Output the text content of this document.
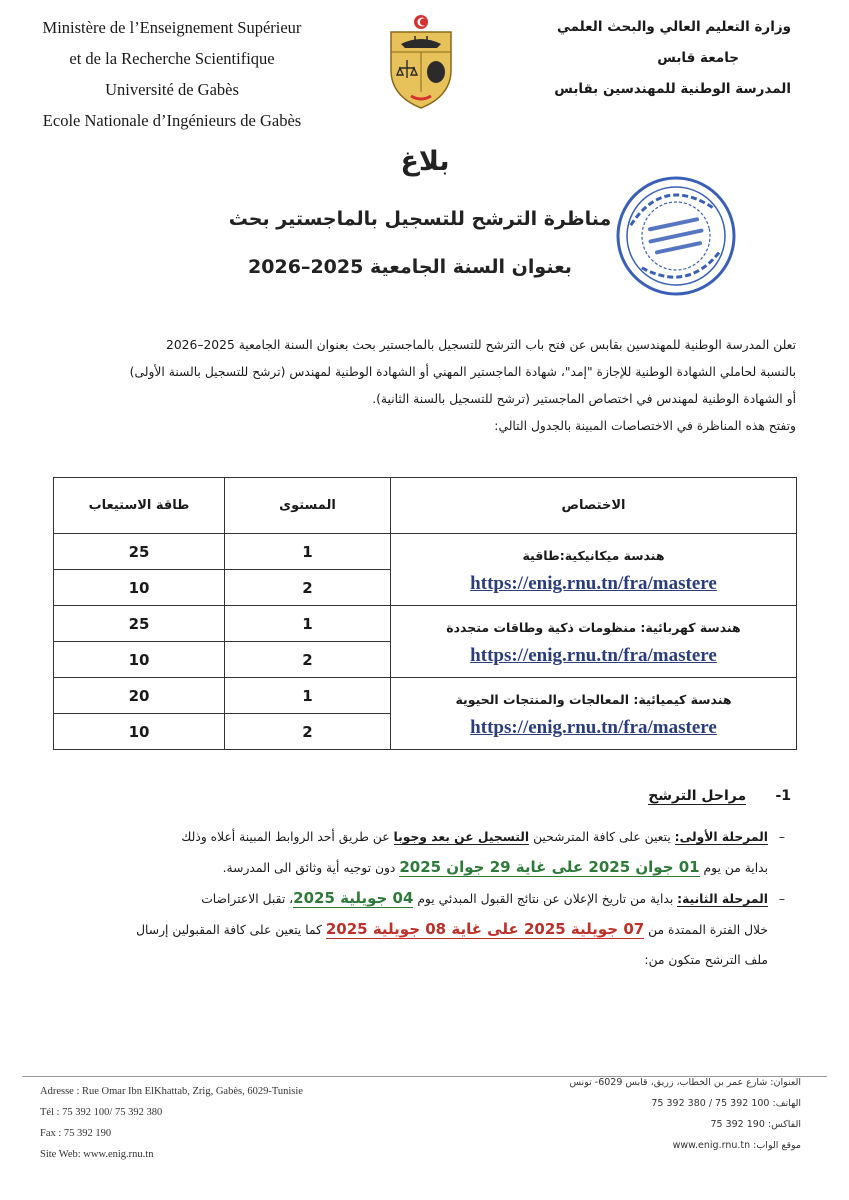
Ministère de l’Enseignement Supérieur
et de la Recherche Scientifique
Université de Gabès
Ecole Nationale d’Ingénieurs de Gabès
وزارة التعليم العالي والبحث العلمي
جامعة قابس
المدرسة الوطنية للمهندسين بقابس
بلاغ
مناظرة الترشح للتسجيل بالماجستير بحث
بعنوان السنة الجامعية 2025–2026

تعلن المدرسة الوطنية للمهندسين بقابس عن فتح باب الترشح للتسجيل بالماجستير بحث بعنوان السنة الجامعية 2025–2026

بالنسبة لحاملي الشهادة الوطنية للإجازة "إمد"، شهادة الماجستير المهني أو الشهادة الوطنية لمهندس (ترشح للتسجيل بالسنة الأولى)

أو الشهادة الوطنية لمهندس في اختصاص الماجستير (ترشح للتسجيل بالسنة الثانية).

وتفتح هذه المناظرة في الاختصاصات المبينة بالجدول التالي:

الاختصاص	المستوى	طاقة الاستيعاب

هندسة ميكانيكية:طاقية
https://enig.rnu.tn/fra/mastere	1	25
	2	10

هندسة كهربائية: منظومات ذكية وطاقات متجددة
https://enig.rnu.tn/fra/mastere	1	25
	2	10

هندسة كيميائية: المعالجات والمنتجات الحيوية
https://enig.rnu.tn/fra/mastere	1	20
	2	10
1-      مراحل الترشح
–المرحلة الأولى: يتعين على كافة المترشحين التسجيل عن بعد وجوبا عن طريق أحد الروابط المبينة أعلاه وذلك
بداية من يوم 01 جوان 2025 على غاية 29 جوان 2025 دون توجيه أية وثائق الى المدرسة.
–المرحلة الثانية: بداية من تاريخ الإعلان عن نتائج القبول المبدئي يوم 04 جويلية 2025، تقبل الاعتراضات
خلال الفترة الممتدة من 07 جويلية 2025 على غاية 08 جويلية 2025 كما يتعين على كافة المقبولين إرسال
ملف الترشح متكون من:
Adresse : Rue Omar Ibn ElKhattab, Zrig, Gabès, 6029-Tunisie
Tél : 75 392 100/ 75 392 380
Fax : 75 392 190
Site Web: www.enig.rnu.tn
العنوان: شارع عمر بن الخطاب، زريق، قابس 6029- تونس
الهاتف: 100 392 75 / 380 392 75
الفاكس: 190 392 75
موقع الواب: www.enig.rnu.tn
